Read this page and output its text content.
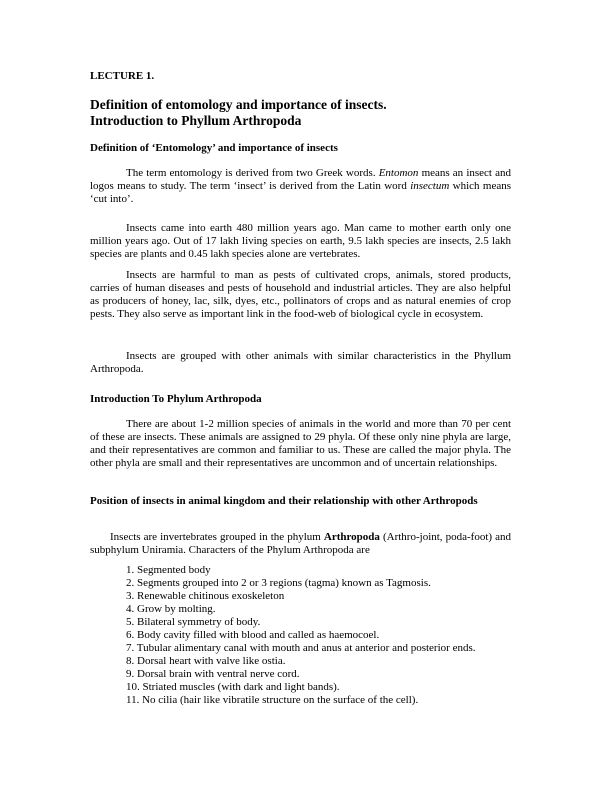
LECTURE 1.
Definition of entomology and importance of insects.
Introduction to Phyllum Arthropoda
Definition of ‘Entomology’ and importance of insects

The term entomology is derived from two Greek words. Entomon means an insect and logos means to study. The term ‘insect’ is derived from the Latin word insectum which means ‘cut into’.

Insects came into earth 480 million years ago. Man came to mother earth only one million years ago. Out of 17 lakh living species on earth, 9.5 lakh species are insects, 2.5 lakh species are plants and 0.45 lakh species alone are vertebrates.

Insects are harmful to man as pests of cultivated crops, animals, stored products, carries of human diseases and pests of household and industrial articles. They are also helpful as producers of honey, lac, silk, dyes, etc., pollinators of crops and as natural enemies of crop pests. They also serve as important link in the food-web of biological cycle in ecosystem.

Insects are grouped with other animals with similar characteristics in the Phyllum Arthropoda.

Introduction To Phylum Arthropoda

There are about 1-2 million species of animals in the world and more than 70 per cent of these are insects. These animals are assigned to 29 phyla. Of these only nine phyla are large, and their representatives are common and familiar to us. These are called the major phyla. The other phyla are small and their representatives are uncommon and of uncertain relationships.

Position of insects in animal kingdom and their relationship with other Arthropods

Insects are invertebrates grouped in the phylum Arthropoda (Arthro-joint, poda-foot) and subphylum Uniramia. Characters of the Phylum Arthropoda are

1. Segmented body
2. Segments grouped into 2 or 3 regions (tagma) known as Tagmosis.
3. Renewable chitinous exoskeleton
4. Grow by molting.
5. Bilateral symmetry of body.
6. Body cavity filled with blood and called as haemocoel.
7. Tubular alimentary canal with mouth and anus at anterior and posterior ends.
8. Dorsal heart with valve like ostia.
9. Dorsal brain with ventral nerve cord.
10. Striated muscles (with dark and light bands).
11. No cilia (hair like vibratile structure on the surface of the cell).
